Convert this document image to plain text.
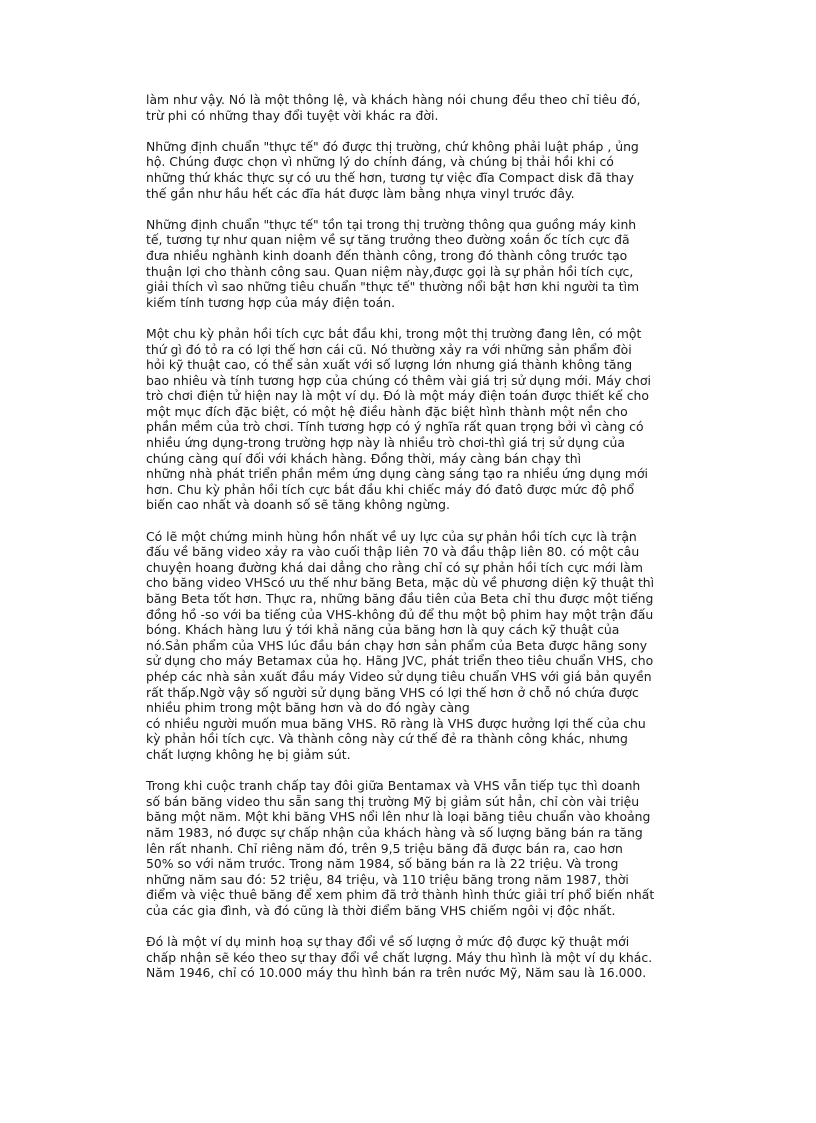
làm như vậy. Nó là một thông lệ, và khách hàng nói chung đều theo chỉ tiêu đó,
trừ phi có những thay đổi tuyệt vời khác ra đời.

Những định chuẩn "thực tế" đó được thị trường, chứ không phải luật pháp , ủng
hộ. Chúng được chọn vì những lý do chính đáng, và chúng bị thải hồi khi có
những thứ khác thực sự có ưu thế hơn, tương tự việc đĩa Compact disk đã thay
thế gần như hầu hết các đĩa hát được làm bằng nhựa vinyl trước đây.

Những định chuẩn "thực tế" tồn tại trong thị trường thông qua guồng máy kinh
tế, tương tự như quan niệm về sự tăng trưởng theo đường xoắn ốc tích cực đã
đưa nhiều nghành kinh doanh đến thành công, trong đó thành công trước tạo
thuận lợi cho thành công sau. Quan niệm này,được gọi là sự phản hồi tích cực,
giải thích vì sao những tiêu chuẩn "thực tế" thường nổi bật hơn khi người ta tìm
kiếm tính tương hợp của máy điện toán.

Một chu kỳ phản hồi tích cực bắt đầu khi, trong một thị trường đang lên, có một
thứ gì đó tỏ ra có lợi thế hơn cái cũ. Nó thường xảy ra với những sản phẩm đòi
hỏi kỹ thuật cao, có thể sản xuất với số lượng lớn nhưng giá thành không tăng
bao nhiêu và tính tương hợp của chúng có thêm vài giá trị sử dụng mới. Máy chơi
trò chơi điện tử hiện nay là một ví dụ. Đó là một máy điện toán được thiết kế cho
một mục đích đặc biệt, có một hệ điều hành đặc biệt hình thành một nền cho
phần mềm của trò chơi. Tính tương hợp có ý nghĩa rất quan trọng bởi vì càng có
nhiều ứng dụng-trong trường hợp này là nhiều trò chơi-thì giá trị sử dụng của
chúng càng quí đối với khách hàng. Đồng thời, máy càng bán chạy thì
những nhà phát triển phần mềm ứng dụng càng sáng tạo ra nhiều ứng dụng mới
hơn. Chu kỳ phản hồi tích cực bắt đầu khi chiếc máy đó đatô được mức độ phổ
biến cao nhất và doanh số sẽ tăng không ngừng.

Có lẽ một chứng minh hùng hồn nhất về uy lực của sự phản hồi tích cực là trận
đấu về băng video xảy ra vào cuối thập liên 70 và đầu thập liên 80. có một câu
chuyện hoang đường khá dai dẳng cho rằng chỉ có sự phản hồi tích cực mới làm
cho băng video VHScó ưu thế như băng Beta, mặc dù về phương diện kỹ thuật thì
băng Beta tốt hơn. Thực ra, những băng đầu tiên của Beta chỉ thu được một tiếng
đồng hồ -so với ba tiếng của VHS-không đủ để thu một bộ phim hay một trận đấu
bóng. Khách hàng lưu ý tới khả năng của băng hơn là quy cách kỹ thuật của
nó.Sản phẩm của VHS lúc đầu bán chạy hơn sản phẩm của Beta được hãng sony
sử dụng cho máy Betamax của họ. Hãng JVC, phát triển theo tiêu chuẩn VHS, cho
phép các nhà sản xuất đầu máy Video sử dụng tiêu chuẩn VHS với giá bản quyền
rất thấp.Ngờ vậy số người sử dụng băng VHS có lợi thế hơn ở chỗ nó chứa được
nhiều phim trong một băng hơn và do đó ngày càng
có nhiều người muốn mua băng VHS. Rõ ràng là VHS được hưởng lợi thế của chu
kỳ phản hồi tích cực. Và thành công này cứ thế đẻ ra thành công khác, nhưng
chất lượng không hẹ bị giảm sút.

Trong khi cuộc tranh chấp tay đôi giữa Bentamax và VHS vẫn tiếp tục thì doanh
số bán băng video thu sẵn sang thị trường Mỹ bị giảm sút hẳn, chỉ còn vài triệu
băng một năm. Một khi băng VHS nổi lên như là loại băng tiêu chuẩn vào khoảng
năm 1983, nó được sự chấp nhận của khách hàng và số lượng băng bán ra tăng
lên rất nhanh. Chỉ riêng năm đó, trên 9,5 triệu băng đã được bán ra, cao hơn
50% so với năm trước. Trong năm 1984, số băng bán ra là 22 triệu. Và trong
những năm sau đó: 52 triệu, 84 triệu, và 110 triệu băng trong năm 1987, thời
điểm và việc thuê băng để xem phim đã trở thành hình thức giải trí phổ biến nhất
của các gia đình, và đó cũng là thời điểm băng VHS chiếm ngôi vị độc nhất.

Đó là một ví dụ minh hoạ sự thay đổi về số lượng ở mức độ được kỹ thuật mới
chấp nhận sẽ kéo theo sự thay đổi về chất lượng. Máy thu hình là một ví dụ khác.
Năm 1946, chỉ có 10.000 máy thu hình bán ra trên nước Mỹ, Năm sau là 16.000.
